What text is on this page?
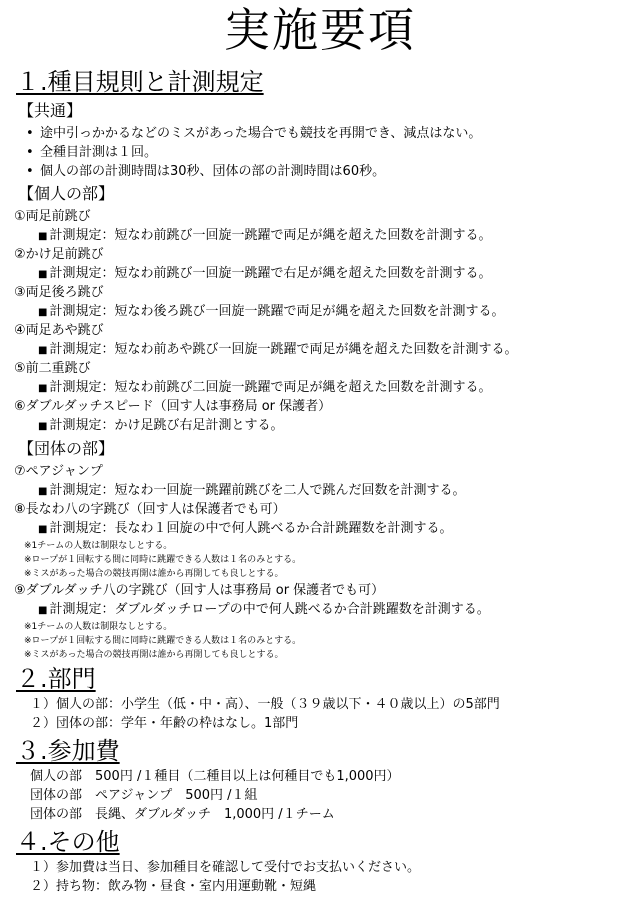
実施要項
１.種目規則と計測規定
【共通】
• 途中引っかかるなどのミスがあった場合でも競技を再開でき、減点はない。
• 全種目計測は１回。
• 個人の部の計測時間は30秒、団体の部の計測時間は60秒。
【個人の部】
①両足前跳び
■ 計測規定：短なわ前跳び一回旋一跳躍で両足が縄を超えた回数を計測する。
②かけ足前跳び
■ 計測規定：短なわ前跳び一回旋一跳躍で右足が縄を超えた回数を計測する。
③両足後ろ跳び
■ 計測規定：短なわ後ろ跳び一回旋一跳躍で両足が縄を超えた回数を計測する。
④両足あや跳び
■ 計測規定：短なわ前あや跳び一回旋一跳躍で両足が縄を超えた回数を計測する。
⑤前二重跳び
■ 計測規定：短なわ前跳び二回旋一跳躍で両足が縄を超えた回数を計測する。
⑥ダブルダッチスピード（回す人は事務局 or 保護者）
■ 計測規定：かけ足跳び右足計測とする。
【団体の部】
⑦ペアジャンプ
■ 計測規定：短なわ一回旋一跳躍前跳びを二人で跳んだ回数を計測する。
⑧長なわ八の字跳び（回す人は保護者でも可）
■ 計測規定：長なわ１回旋の中で何人跳べるか合計跳躍数を計測する。
※1チームの人数は制限なしとする。
※ロープが１回転する間に同時に跳躍できる人数は１名のみとする。
※ミスがあった場合の競技再開は誰から再開しても良しとする。
⑨ダブルダッチ八の字跳び（回す人は事務局 or 保護者でも可）
■ 計測規定：ダブルダッチロープの中で何人跳べるか合計跳躍数を計測する。
※1チームの人数は制限なしとする。
※ロープが１回転する間に同時に跳躍できる人数は１名のみとする。
※ミスがあった場合の競技再開は誰から再開しても良しとする。
２.部門
１）個人の部：小学生（低・中・高）、一般（３９歳以下・４０歳以上）の5部門
２）団体の部：学年・年齢の枠はなし。1部門
３.参加費
個人の部　500円 /１種目（二種目以上は何種目でも1,000円）
団体の部　ペアジャンプ　500円 /１組
団体の部　長縄、ダブルダッチ　1,000円 /１チーム
４.その他
１）参加費は当日、参加種目を確認して受付でお支払いください。
２）持ち物：飲み物・昼食・室内用運動靴・短縄
